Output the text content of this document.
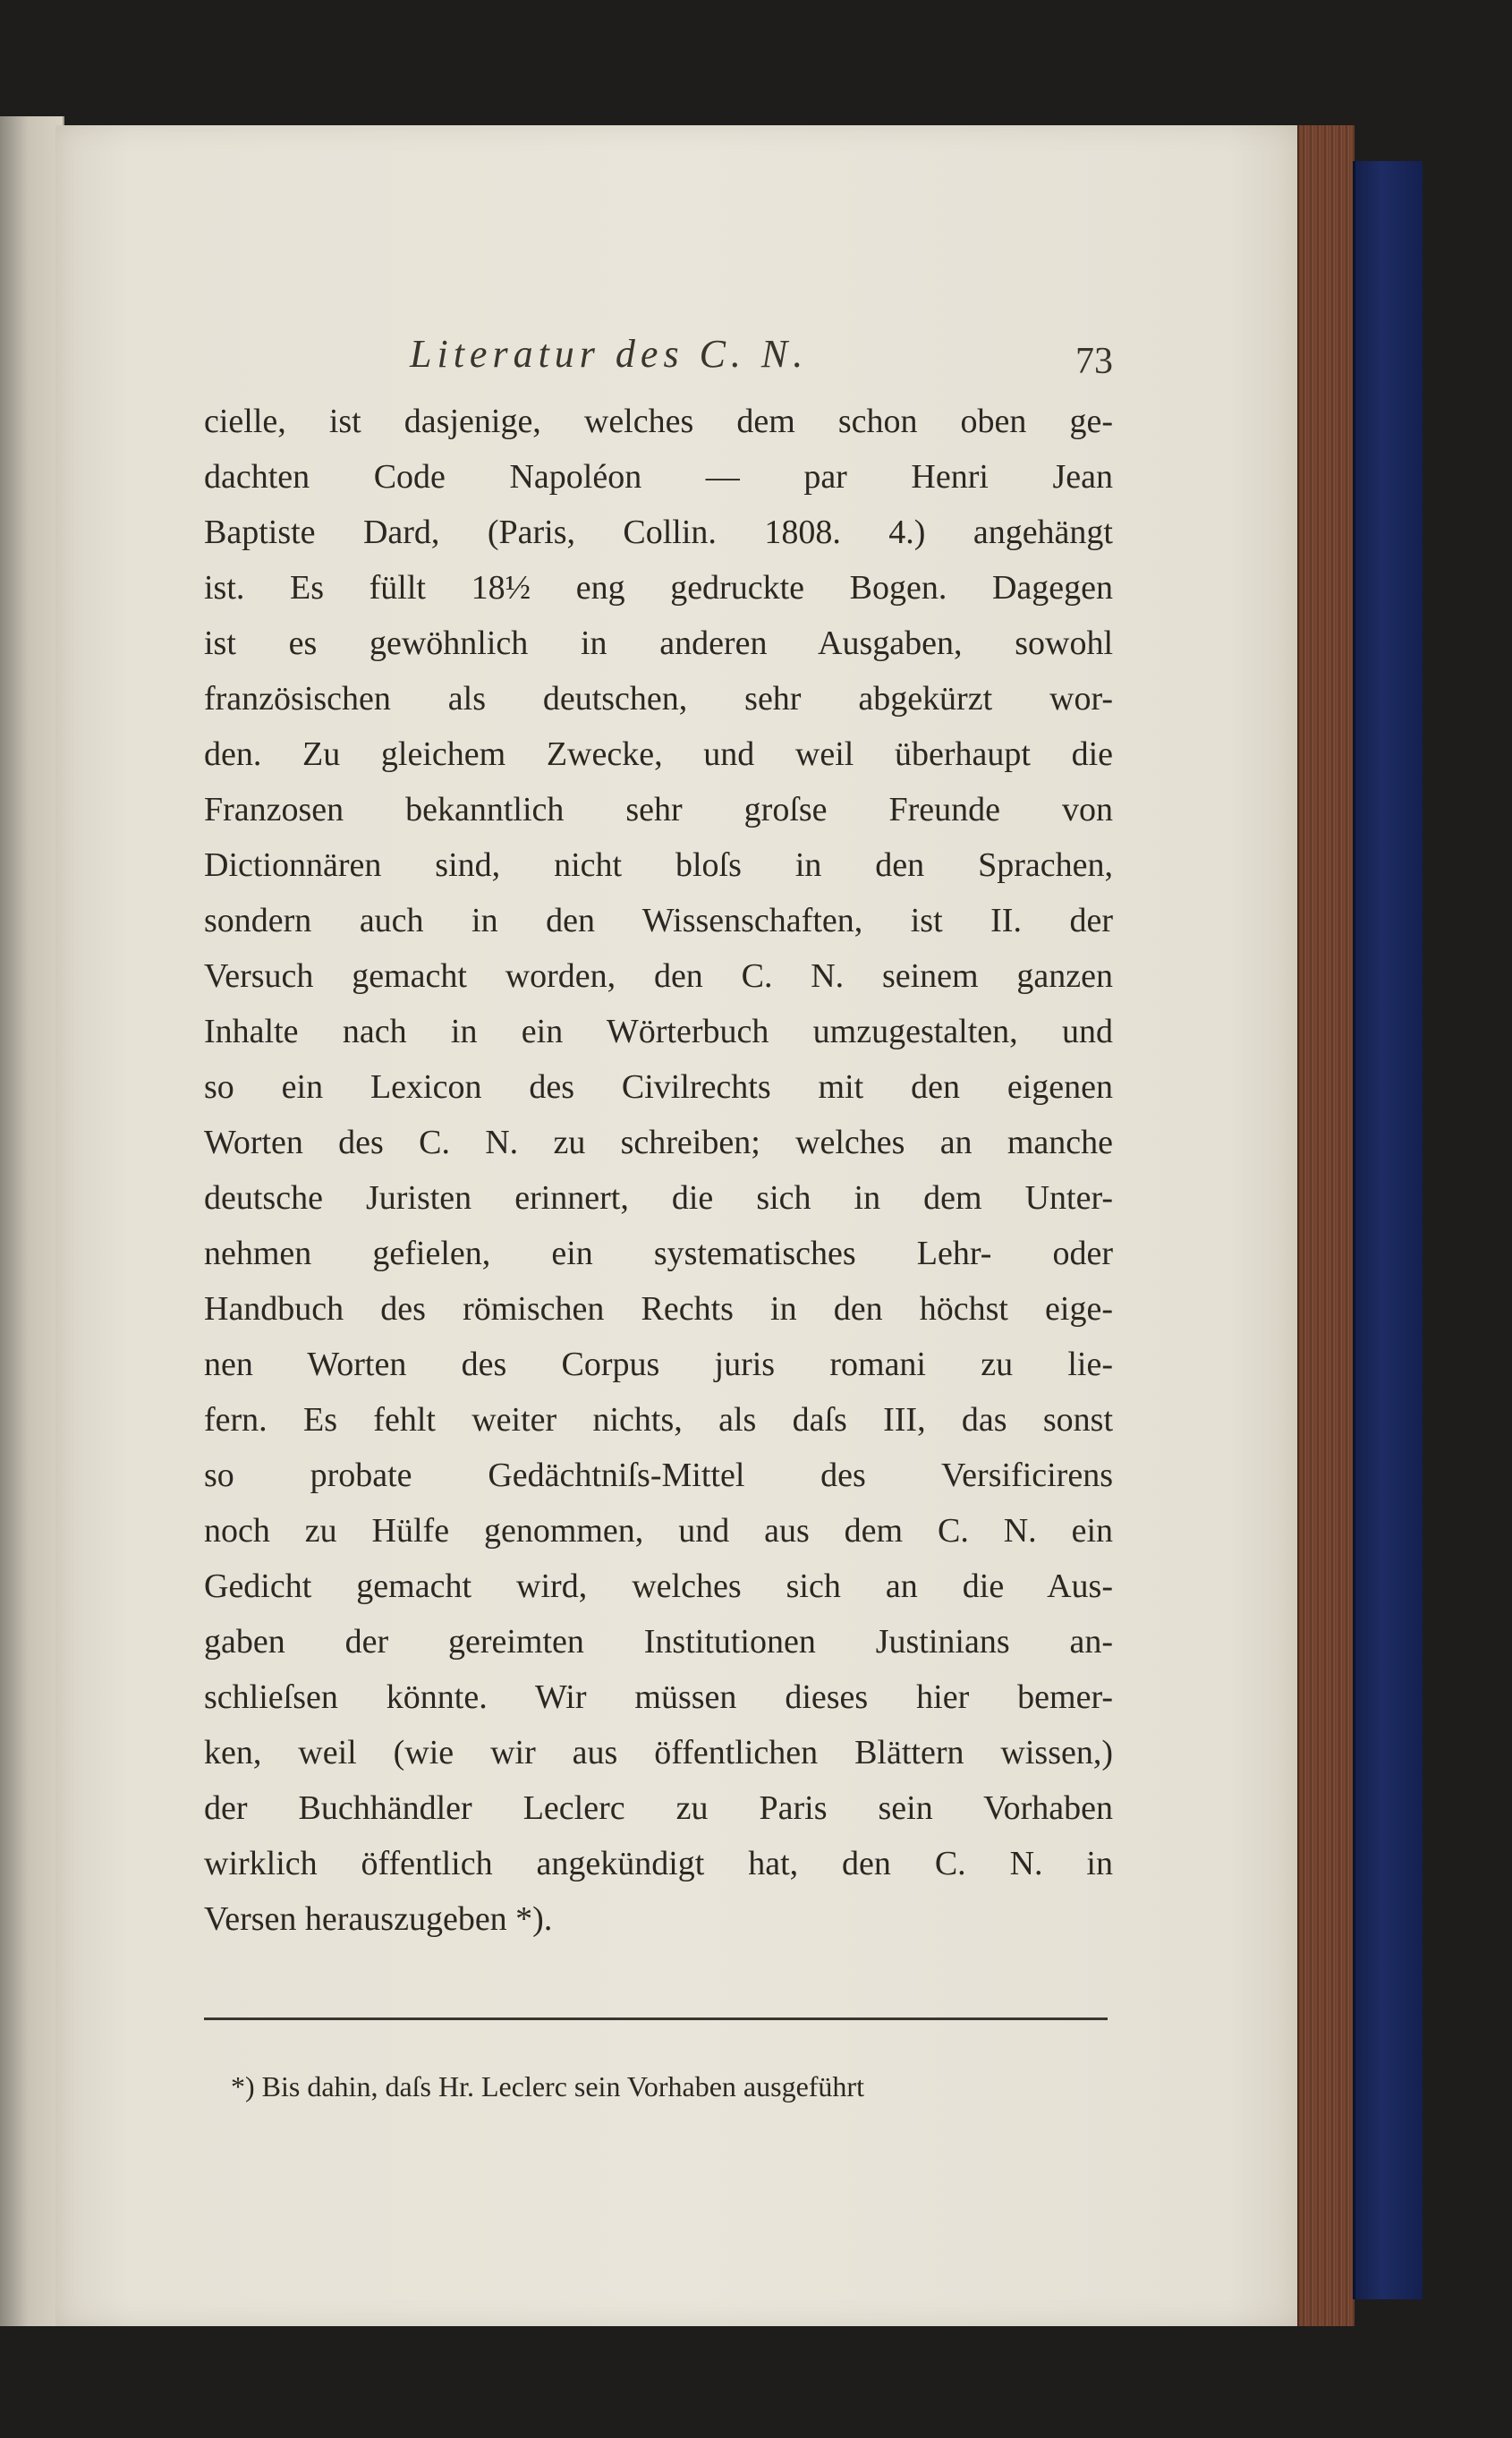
Literatur des C. N.	73
cielle, ist dasjenige, welches dem schon oben ge-
dachten Code Napoléon — par Henri Jean
Baptiste Dard, (Paris, Collin. 1808. 4.) angehängt
ist. Es füllt 18½ eng gedruckte Bogen. Dagegen
ist es gewöhnlich in anderen Ausgaben, sowohl
französischen als deutschen, sehr abgekürzt wor-
den. Zu gleichem Zwecke, und weil überhaupt die
Franzosen bekanntlich sehr groſse Freunde von
Dictionnären sind, nicht bloſs in den Sprachen,
sondern auch in den Wissenschaften, ist II. der
Versuch gemacht worden, den C. N. seinem ganzen
Inhalte nach in ein Wörterbuch umzugestalten, und
so ein Lexicon des Civilrechts mit den eigenen
Worten des C. N. zu schreiben; welches an manche
deutsche Juristen erinnert, die sich in dem Unter-
nehmen gefielen, ein systematisches Lehr- oder
Handbuch des römischen Rechts in den höchst eige-
nen Worten des Corpus juris romani zu lie-
fern. Es fehlt weiter nichts, als daſs III, das sonst
so probate Gedächtniſs-Mittel des Versificirens
noch zu Hülfe genommen, und aus dem C. N. ein
Gedicht gemacht wird, welches sich an die Aus-
gaben der gereimten Institutionen Justinians an-
schlieſsen könnte. Wir müssen dieses hier bemer-
ken, weil (wie wir aus öffentlichen Blättern wissen,)
der Buchhändler Leclerc zu Paris sein Vorhaben
wirklich öffentlich angekündigt hat, den C. N. in
Versen herauszugeben *).
*) Bis dahin, daſs Hr. Leclerc sein Vorhaben ausgeführt
